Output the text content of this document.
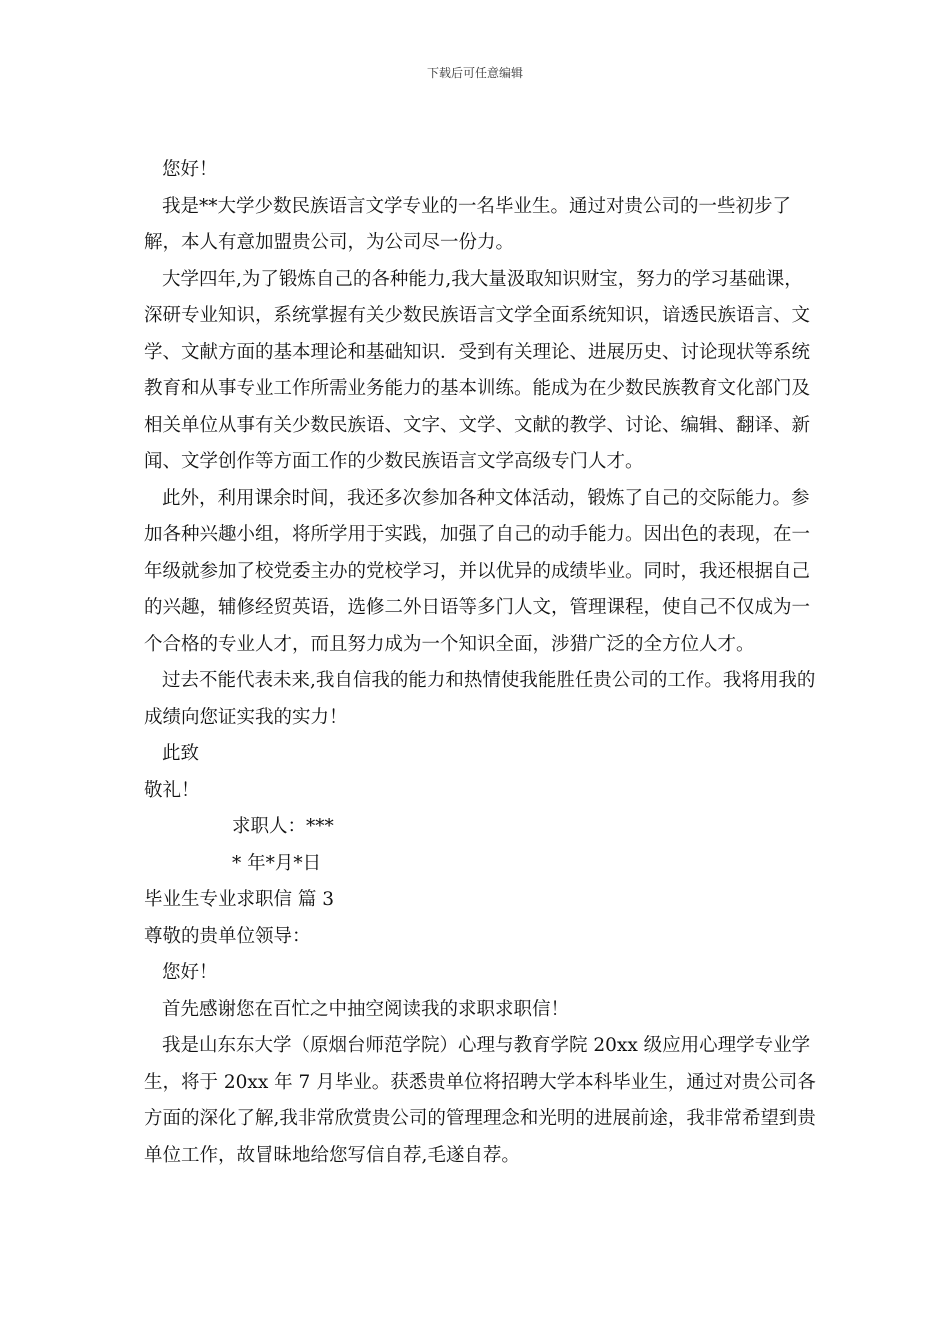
下载后可任意编辑

您好！

我是**大学少数民族语言文学专业的一名毕业生。通过对贵公司的一些初步了解，本人有意加盟贵公司，为公司尽一份力。

大学四年,为了锻炼自己的各种能力,我大量汲取知识财宝，努力的学习基础课，深研专业知识，系统掌握有关少数民族语言文学全面系统知识，谙透民族语言、文学、文献方面的基本理论和基础知识．受到有关理论、进展历史、讨论现状等系统教育和从事专业工作所需业务能力的基本训练。能成为在少数民族教育文化部门及相关单位从事有关少数民族语、文字、文学、文献的教学、讨论、编辑、翻译、新闻、文学创作等方面工作的少数民族语言文学高级专门人才。

此外，利用课余时间，我还多次参加各种文体活动，锻炼了自己的交际能力。参加各种兴趣小组，将所学用于实践，加强了自己的动手能力。因出色的表现，在一年级就参加了校党委主办的党校学习，并以优异的成绩毕业。同时，我还根据自己的兴趣，辅修经贸英语，选修二外日语等多门人文，管理课程，使自己不仅成为一个合格的专业人才，而且努力成为一个知识全面，涉猎广泛的全方位人才。

过去不能代表未来,我自信我的能力和热情使我能胜任贵公司的工作。我将用我的成绩向您证实我的实力！

此致

敬礼！

求职人：***

* 年*月*日

毕业生专业求职信 篇 3

尊敬的贵单位领导：

您好！

首先感谢您在百忙之中抽空阅读我的求职求职信！

我是山东东大学（原烟台师范学院）心理与教育学院 20xx 级应用心理学专业学生，将于 20xx 年 7 月毕业。获悉贵单位将招聘大学本科毕业生，通过对贵公司各方面的深化了解,我非常欣赏贵公司的管理理念和光明的进展前途，我非常希望到贵单位工作，故冒昧地给您写信自荐,毛遂自荐。
